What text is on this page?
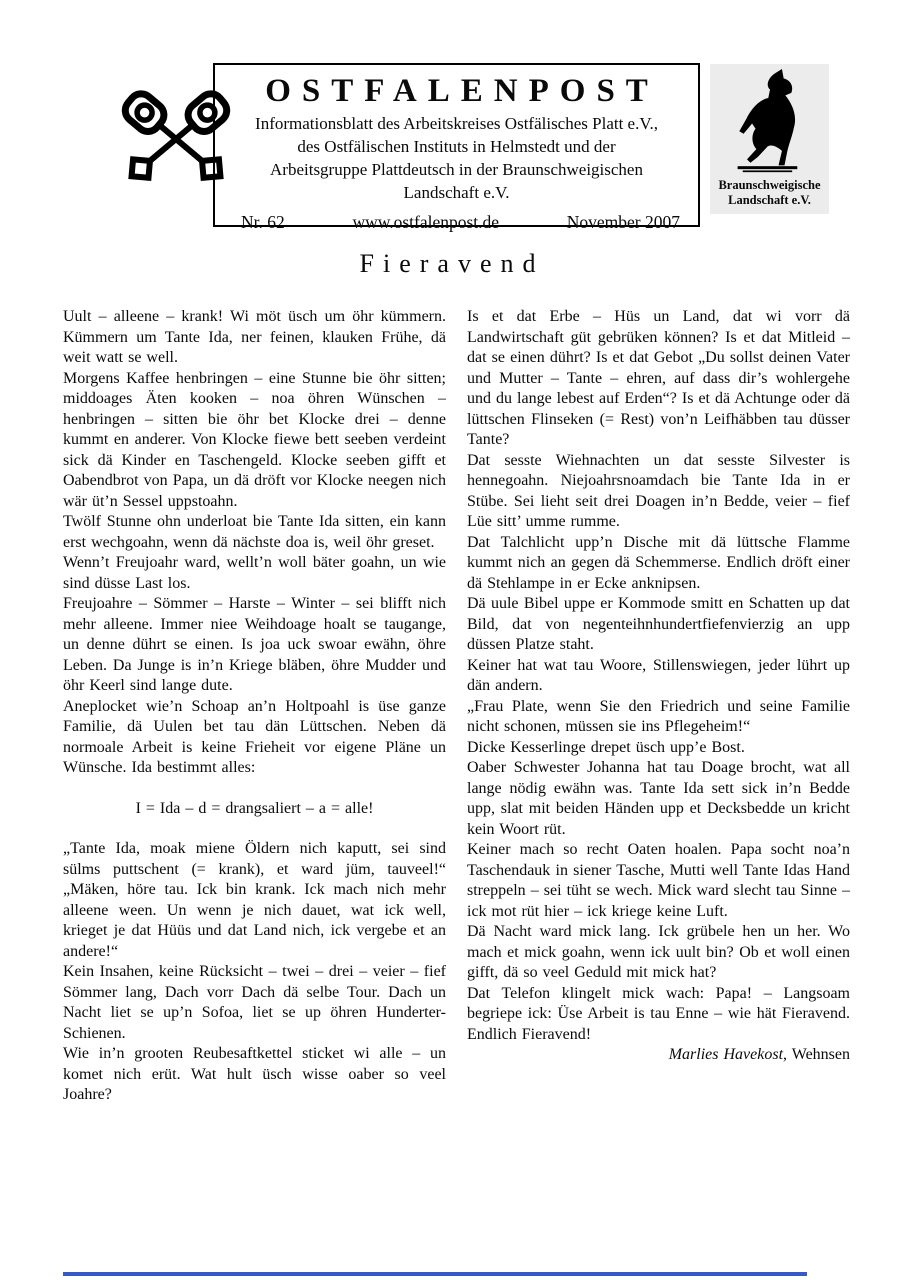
OSTFALENPOST
Informationsblatt des Arbeitskreises Ostfälisches Platt e.V.,
des Ostfälischen Instituts in Helmstedt und der
Arbeitsgruppe Plattdeutsch in der Braunschweigischen
Landschaft e.V.
Nr. 62	www.ostfalenpost.de	November 2007
Braunschweigische
Landschaft e.V.
Fieravend

Uult – alleene – krank! Wi möt üsch um öhr kümmern. Kümmern um Tante Ida, ner feinen, klauken Frühe, dä weit watt se well.

Morgens Kaffee henbringen – eine Stunne bie öhr sitten; middoages Äten kooken – noa öhren Wünschen – henbringen – sitten bie öhr bet Klocke drei – denne kummt en anderer. Von Klocke fiewe bett seeben verdeint sick dä Kinder en Taschengeld. Klocke seeben gifft et Oabendbrot von Papa, un dä dröft vor Klocke neegen nich wär üt’n Sessel uppstoahn.

Twölf Stunne ohn underloat bie Tante Ida sitten, ein kann erst wechgoahn, wenn dä nächste doa is, weil öhr greset.

Wenn’t Freujoahr ward, wellt’n woll bäter goahn, un wie sind düsse Last los.

Freujoahre – Sömmer – Harste – Winter – sei blifft nich mehr alleene. Immer niee Weihdoage hoalt se taugange, un denne dührt se einen. Is joa uck swoar ewähn, öhre Leben. Da Junge is in’n Kriege bläben, öhre Mudder und öhr Keerl sind lange dute.

Aneplocket wie’n Schoap an’n Holtpoahl is üse ganze Familie, dä Uulen bet tau dän Lüttschen. Neben dä normoale Arbeit is keine Frieheit vor eigene Pläne un Wünsche. Ida bestimmt alles:

I = Ida – d = drangsaliert – a = alle!

„Tante Ida, moak miene Öldern nich kaputt, sei sind sülms puttschent (= krank), et ward jüm, tauveel!“ „Mäken, höre tau. Ick bin krank. Ick mach nich mehr alleene ween. Un wenn je nich dauet, wat ick well, krieget je dat Hüüs und dat Land nich, ick vergebe et an andere!“

Kein Insahen, keine Rücksicht – twei – drei – veier – fief Sömmer lang, Dach vorr Dach dä selbe Tour. Dach un Nacht liet se up’n Sofoa, liet se up öhren Hunderter-Schienen.

Wie in’n grooten Reubesaftkettel sticket wi alle – un komet nich erüt. Wat hult üsch wisse oaber so veel Joahre?

Is et dat Erbe – Hüs un Land, dat wi vorr dä Landwirtschaft güt gebrüken können? Is et dat Mitleid – dat se einen dührt? Is et dat Gebot „Du sollst deinen Vater und Mutter – Tante – ehren, auf dass dir’s wohlergehe und du lange lebest auf Erden“? Is et dä Achtunge oder dä lüttschen Flinseken (= Rest) von’n Leifhäbben tau düsser Tante?

Dat sesste Wiehnachten un dat sesste Silvester is hennegoahn. Niejoahrsnoamdach bie Tante Ida in er Stübe. Sei lieht seit drei Doagen in’n Bedde, veier – fief Lüe sitt’ umme rumme.

Dat Talchlicht upp’n Dische mit dä lüttsche Flamme kummt nich an gegen dä Schemmerse. Endlich dröft einer dä Stehlampe in er Ecke anknipsen.

Dä uule Bibel uppe er Kommode smitt en Schatten up dat Bild, dat von negenteihnhundertfiefenvierzig an upp düssen Platze staht.

Keiner hat wat tau Woore, Stillenswiegen, jeder lührt up dän andern.

„Frau Plate, wenn Sie den Friedrich und seine Familie nicht schonen, müssen sie ins Pflegeheim!“

Dicke Kesserlinge drepet üsch upp’e Bost.

Oaber Schwester Johanna hat tau Doage brocht, wat all lange nödig ewähn was. Tante Ida sett sick in’n Bedde upp, slat mit beiden Händen upp et Decksbedde un kricht kein Woort rüt.

Keiner mach so recht Oaten hoalen. Papa socht noa’n Taschendauk in siener Tasche, Mutti well Tante Idas Hand streppeln – sei tüht se wech. Mick ward slecht tau Sinne – ick mot rüt hier – ick kriege keine Luft.

Dä Nacht ward mick lang. Ick grübele hen un her. Wo mach et mick goahn, wenn ick uult bin? Ob et woll einen gifft, dä so veel Geduld mit mick hat?

Dat Telefon klingelt mick wach: Papa! – Langsoam begriepe ick: Üse Arbeit is tau Enne – wie hät Fieravend. Endlich Fieravend!

Marlies Havekost, Wehnsen
